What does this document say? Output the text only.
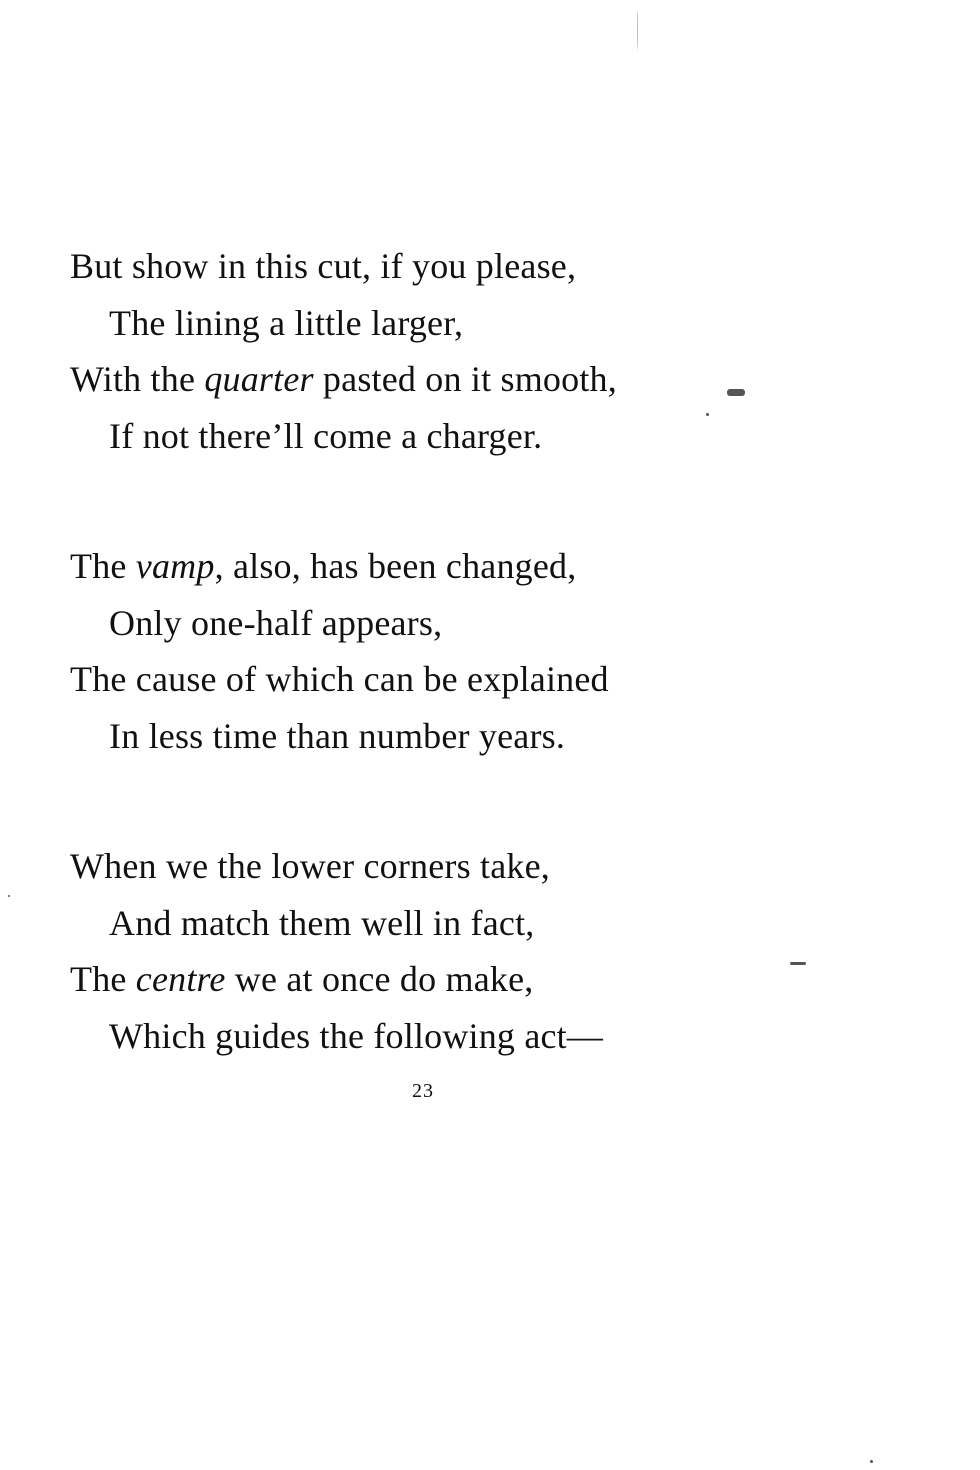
But show in this cut, if you please,
The lining a little larger,
With the quarter pasted on it smooth,
If not there’ll come a charger.
The vamp, also, has been changed,
Only one-half appears,
The cause of which can be explained
In less time than number years.
When we the lower corners take,
And match them well in fact,
The centre we at once do make,
Which guides the following act—
23
